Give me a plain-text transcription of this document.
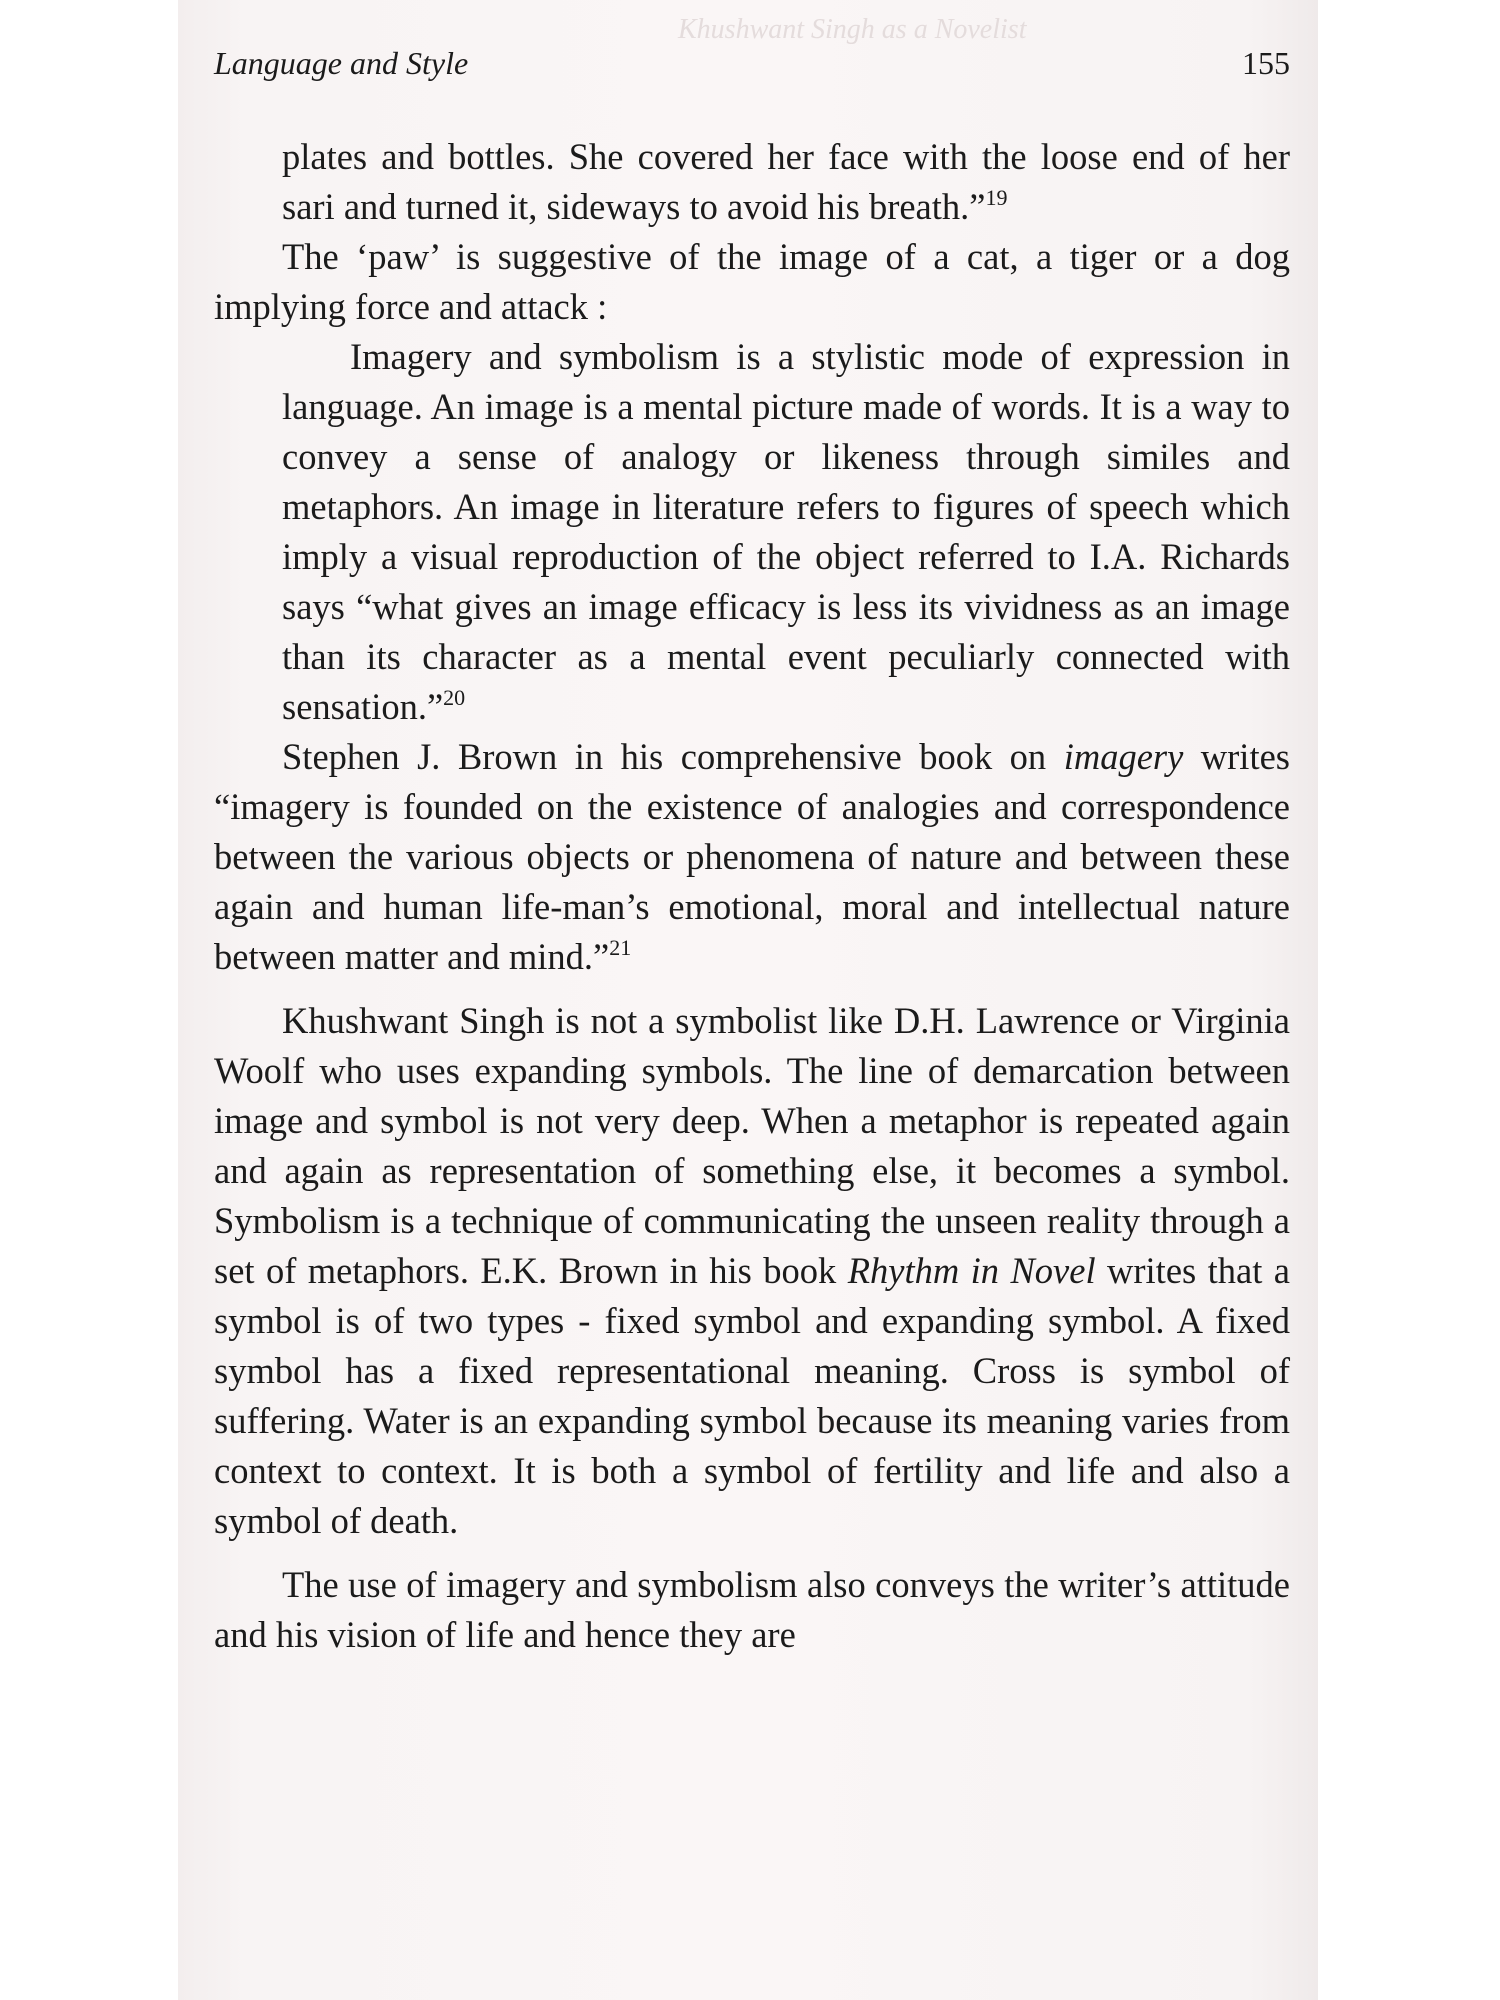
Khushwant Singh as a Novelist
Language and Style	155

plates and bottles. She covered her face with the loose end of her sari and turned it, sideways to avoid his breath.”$^{19}$

The ‘paw’ is suggestive of the image of a cat, a tiger or a dog implying force and attack :

Imagery and symbolism is a stylistic mode of expression in language. An image is a mental picture made of words. It is a way to convey a sense of analogy or likeness through similes and metaphors. An image in literature refers to figures of speech which imply a visual reproduction of the object referred to I.A. Richards says “what gives an image efficacy is less its vividness as an image than its character as a mental event peculiarly connected with sensation.”$^{20}$

Stephen J. Brown in his comprehensive book on imagery writes “imagery is founded on the existence of analogies and correspondence between the various objects or phenomena of nature and between these again and human life-man’s emotional, moral and intellectual nature between matter and mind.”$^{21}$

Khushwant Singh is not a symbolist like D.H. Lawrence or Virginia Woolf who uses expanding symbols. The line of demarcation between image and symbol is not very deep. When a metaphor is repeated again and again as representation of something else, it becomes a symbol. Symbolism is a technique of communicating the unseen reality through a set of metaphors. E.K. Brown in his book Rhythm in Novel writes that a symbol is of two types - fixed symbol and expanding symbol. A fixed symbol has a fixed representational meaning. Cross is symbol of suffering. Water is an expanding symbol because its meaning varies from context to context. It is both a symbol of fertility and life and also a symbol of death.

The use of imagery and symbolism also conveys the writer’s attitude and his vision of life and hence they are
